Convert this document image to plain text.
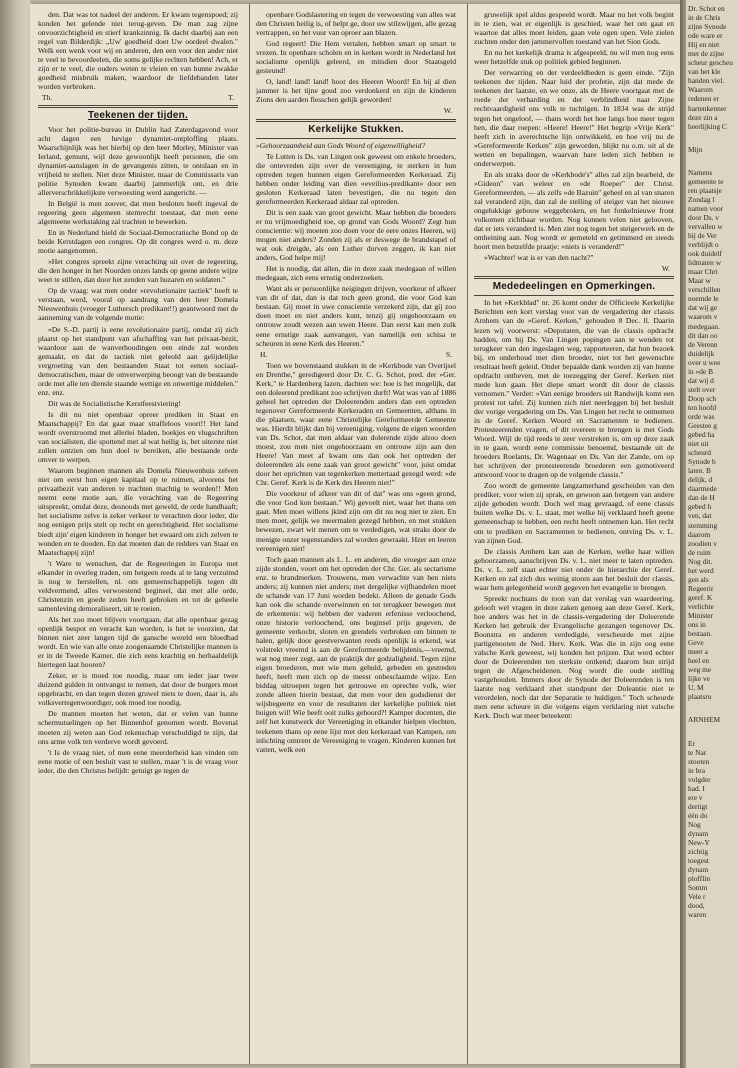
den. Dat was tot nadeel der anderen. Er kwam tegenspoed; zij konden het gelende niet terug-geven. De man zag zijne onvoorzichtigheid en stierf krankzinnig. Ik dacht daarbij aan een regel van Bilderdijk: „Uw' goedheid doet Uw oordeel dwalen." Welk een wenk voor wij en anderen, den een voor den ander niet te veel te bevoordeelen, die soms gelijke rechten hebben! Ach, er zijn er te veel, die ouders weten te vleien en van hunne zwakke goedheid misbruik maken, waardoor de liefdebanden later worden verbroken.

Th.	T.
Teekenen der tijden.

Voor het politie-bureau in Dublin had Zaterdagavond voor acht dagen een hevige dynamiet-ontploffing plaats. Waarschijnlijk was het hierbij op den heer Morley, Minister van Ierland, gemunt, wijl deze gewoonlijk heeft personen, die om dynamiet-aanslagen in de gevangenis zitten, te ontslaan en in vrijheid te stellen. Niet deze Minister, maar de Commissaris van politie Synoden kwam daarbij jammerlijk om, en drie allerverschrikkelijkste verwoesting werd aangericht. —

In België is men zoover, dat men besloten heeft ingeval de regeering geen algemeen stemrecht toestaat, dat men eene algemeene werkstaking zal trachten te bewerken.

En in Nederland hield de Sociaal-Democratische Bond op de beide Kerstdagen een congres. Op dit congres werd o. m. deze motie aangenomen.

»Het congres spreekt zijne verachting uit over de regeering, die den honger in het Noorden onzes lands op geene andere wijze weet te stillen, dan door het zenden van huzaren en soldaten."

Op de vraag: wat men onder »revolutionaire tactiek" heeft te verstaan, werd, vooral op aandrang van den heer Domela Nieuwenhuis (vroeger Luthersch predikant!!) geantwoord met de aanneming van de volgende motie:

»De S.-D. partij is eene revolutionaire partij, omdat zij zich plaatst op het standpunt van afschaffing van het privaat-bezit, waardoor aan de wanverhoudingen een einde zal worden gemaakt, en dat de tactiek niet geleold aan gelijdelijke vergroeting van den bestaanden Staat tot eenen sociaal-democratischen, maar de omverwerping beoogt van de bestaande orde met alle ten diensle staande wettige en onwettige middelen." enz. enz.

Dit was de Socialistische Kerstfeestviering!

Is dit nu niet openbaar opreer prediken in Staat en Maatschappij? En dat gaat maar straffeloos voort!! Het land wordt overstroomd met allerlei bladen, boekjes en vlugschriften van socialisten, die spottend met al wat heilig is, het uiterste niet zullen ontzien om hun doel te bereiken, alle bestaande orde omver te werpen.

Waarom beginnen mannen als Domela Nieuwenhuis zelven niet om eerst hun eigen kapitaal op te ruimen, alvorens het privaatbezit van anderen te trachten machtig te worden!! Men neemt eene motie aan, die verachting van de Regeering uitspreekt, omdat deze, desnoods met geweld, de orde handhaaft; het socialisme zelve is zeker verkeer te verachten door ieder, die nog eenigen prijs stelt op recht en gerechtigheid. Het socialisme biedt zijn' eigen kinderen in honger het ewaard om zich zelven te wonden en te dooden. En dat moeten dan de redders van Staat en Maatschappij zijn!

't Ware te wenschen, dat de Regeeringen in Europa met elkander in overleg traden, om hetgeen reeds al te lang verzuimd is nog te herstellen, nl. om gemeenschappelijk tegen dit veldvermend, alles verwoestend beginsel, dat met alle orde, Christenzin en goede zeden heeft gebroken en tot de geheele samenleving demoraliseert, uit te roeien.

Als het zoo moet blijven voortgaan, dat alle openbaar gezag openlijk bespot en veracht kan worden, is het te voorzien, dat binnen niet zeer langen tijd de gansche wereld een bloedbad wordt. En wie van alle onze zoogenaamde Christelijke mannen is er in de Tweede Kamer, die zich eens krachtig en herhaaldelijk hiertegen laat hooren?

Zeker, er is moed toe noodig, maar om ieder jaar twee duizend gulden in ontvangst te nemen, dat door de burgers moet opgebracht, en dan tegen dezen gruwel niets te doen, daar is, als volksvertegenwoordiger, ook moed toe noodig.

De mannen moeten het weten, dat er velen van hunne schermutselingen op het Binnenhof genomen wordt. Bovenal moeten zij weten aan God rekenschap verschuldigd te zijn, dat ons arme volk ten verderve wordt gevoerd.

't Is de vraag niet, of men eene meerderheid kan vinden om eene motie of een besluit vast te stellen, maar 't is de vraag voor ieder, die den Christus belijdt: getuigt ge tegen de

openbare Godslastering en tegen de verwoesting van alles wat den Christen heilig is, of helpt ge, door uw stilzwijgen, alle gezag vertrappen, en het vuur van oproer aan blazen.

God regeert! Die Hem vertalen, hebben smart op smart te vrezen. In openbare scholen en in kerken wordt in Nederland het socialisme openlijk geleerd, en mitsdien door Staatsgeld gesteund!

O, land! land! land! hoor des Heeren Woord! En bij al dien jammer is het tijne goud zoo verdonkerd en zijn de kinderen Zions den aarden flesschen gelijk geworden!

W.
Kerkelijke Stukken.

»Gehoorzaamheid aan Gods Woord of eigenwilligheid?

Te Lutten is Ds. van Lingen ook geweest om enkele broeders, die ontevreden zijn over de vereeniging, te sterken in hun optreden tegen hunnen eigen Gereformeerden Kerkeraad. Zij hebben onder leiding van dien »eveilius-predikant« door een gesloten Kerkeraad laten bevestigen, die nu tegen den gereformeerden Kerkeraad aldaar zal optreden.

Dit is een zaak van groot gewicht. Maar hebben die broeders er nu vrijmoedigheid toe, op grond van Gods Woord? Zegt hun conscientie: wij moeten zoo doen voor de eere onzes Heeren, wij mogen niet anders? Zonden zij als er deswege de brandstapel of wat ook dreigde, als een Luther durven zeggen, ik kan niet anders, God helpe mij!

Het is noodig, dat allen, die in deze zaak medegaan of willen medegaan, zich eens ernstig onderzoeken.

Want als er persoonlijke neigingen drijven, voorkeur of afkeer van dit of dat, dan is dat toch geen grond, die voor God kan bestaan. Gij moet in uwe conscientie verzekerd zijn, dat gij zoo doen moet en niet anders kunt, tenzij gij ongehoorzaam en ontrouw zoudt wezen aan uwen Heere. Dan eerst kan men zulk eene ernstige zaak aanvangen, van namelijk een schisa te scheuren in eene Kerk des Heeren."

H.	S.

Toen we bovenstaand stukken in de »Kerkbode van Overijsel en Drenthe," geredigeerd door Dr. C. G. Schot, pred. der »Ger. Kerk," te Hardenberg lazen, dachten we: hoe is het mogelijk, dat een doleerend predikant zoo schrijven durft! Wat was van af 1886 geheel het optreden der Doleerenden anders dan een optreden tegenover Gereformeerde Kerkeraden en Gemeenten, althans in die plaatsen, waar eene Christelijke Gereformeerde Gemeente was. Hierdit blijkt dan bij vereeniging, volgens de eigen woorden van Ds. Schot, dat men aldaar van dolerende zijde alzoo doen moest, zou men niet ongehoorzaam en ontrouw zijn aan den Heere! Van meet af kwam ons dan ook het optreden der doleerenden als eene zaak van groot gewicht" voor, juist omdat door het oprichten van tegenkerken mettertaad gezegd werd: »de Chr. Geref. Kerk is de Kerk des Heeren niet!"

Die voorkeur of afkeer van dit of dat" was ons »geen grond, die voor God kon bestaan." Wij gevoelt niet, waar het thans om gaat. Men moet willens jkind zijn om dit nu nog niet te zien. En men moet, gelijk we meermalen gezegd hebben, en met stukken bewezen, zwart wit menen om te verdedigen, wat straks door de menigte onzer tegenstanders zal worden gewraakt. Hzer en leeren vereenigen niet!

Toch gaan mannen als L. L. en anderen, die vroeger aan onze zijde stonden, voort om het optreden der Chr. Ger. als sectarisme enz. te brandmerken. Trouwens, men verwachte van hen niets anders; zij kunnen niet anders; met dergelijke vijfhandelen moet de schande van 17 Juni worden bedekt. Alleen de genade Gods kan ook die schande overwinnen en tot terugkeer bewegen met de erkentenis: wij hebben der vaderen erfenisse verloochend, onze historie verloochend, ons beginsel prijs gegeven, de gemeente verkocht, sloten en grendels verbroken om binnen te halen, gelijk door geestverwanten reeds openlijk is erkend, wat volstrekt vreemd is aan de Gereformeerde belijdenis,—vreemd, wat nog meer zegt, aan de praktijk der godzaligheid. Tegen zijne eigen broederen, met wie men gehuld, gebeden en gestreden heeft, heeft men zich op de meest onbesclaamde wijze. Een biddag uitroepen tegen het getrouwe en oprechte volk, wier zonde alleen hierin bestaat, dat men voor den godsdienst der wijsbegeerte en voor de resultaten der kerkelijke politiek niet buigen wil! Wie heeft ooit zulks gehoord?! Kamper docenten, die zelf het kunstwerk der Vereeniging in elkander hielpen vlechten, teekenen thans op eene lijst met den kerkeraad van Kampen, om inlichting omtrent de Vereeniging te vragen. Kinderen kunnen het vatten, welk een

gruwelijk spel aldus gespeeld wordt. Maar nu het volk begint in te zien, wat er eigenlijk is geschied, waar het om gaat en waartoe dat alles moet leiden, gaan vele ogen open. Vele zielen zuchten onder den jammervollen toestand van het Sion Gods.

En nu het kerkelijk drama is afgespeeld, nu wil men nog eens weer hetzelfde stuk op politiek gebied beginnen.

Der verwarring en der verdeeldheden is geen einde. "Zijn teekenen der tijden. Naar luid der profetie, zijn dat mede de teekenen der laatste, en we onze, als de Heere voortgaat met de roede der verharding en der verblindheid naar Zijne rechtvaardigheid ons volk te tuchtigen. In 1834 was de strijd tegen het ongeloof, — thans wordt het hoe langs hoe meer tegen hen, die daar roepen: »Heere! Heere!" Het begrip »Vrije Kerk" heeft zich in averechtsche lijn ontwikkeld, en hoe vrij nu de »Gereformeerde Kerken" zijn geworden, blijkt nu o.m. uit al de wetten en bepalingen, waarvan hare leden zich hebben te onderwerpen.

En als straks door de »Kerkbode's" alles zal zijn bearbeid, de »Gideon" van weleer en »de Roeper" der Christ. Gereformeerden, — als zelfs »de Bazuin" geheel en al van snaren zal veranderd zijn, dan zal de stelling of steiger van het nieuwe ongelukkige gebouw weggebroken, en het fonkelnieuwe front volkomen zichtbaar worden. Nog kunnen velen niet gelooven, dat er iets veranderd is. Men ziet nog tegen het steigerwerk en de omheining aan. Nog wordt er gemeteld en getimmerd en steeds hoort men hetzelfde praatje: »niets is veranderd!"

»Wachter! wat is er van den nacht?"

W.
Mededeelingen en Opmerkingen.

In het »Kerkblad" nr. 26 komt onder de Officieele Kerkelijke Berichten een kort verslag voor van de vergadering der classis Arnhem van de »Geref. Kerken," gehouden 8 Dec. ll. Daarin lezen wij voorwerst: »Deputaten, die van de classis opdracht hadden, om bij Ds. Van Lingen popingen aan te wenden tot terugkeer van den ingeslagen weg, rapporteeren, dat hun bezoek bij, en onderhoud met dien broeder, niet tot het gewenschte resultaat heeft geleid. Onder bepaalde dank worden zij van hunne opdracht ontheven, met de toezegging der Geref. Kerken niet mede kon gaan. Het diepe smart wordt dit door de classis vernomen." Verder: »Van eenige broeders uit Randwijk komt een protest tot tafel. Zij kunnen zich niet neerleggen bij het besluit der vorige vergadering om Ds. Van Lingen het recht te ontnemen in de Geref. Kerken Woord en Sacramenten te bedienen. Protesteerenden vragen, of dit overeen te brengen is met Gods Woord. Wijl de tijd reeds te zeer verstreken is, om op deze zaak in te gaan, wordt eene commissie benoemd, bestaande uit de broeders Roelants, Dr. Wagenaar en Ds. Van der Zande, om op het schrijven der protesteerende broederen een gemotiveerd antwoord voor te dragen op de volgende classis."

Zoo wordt de gemeente langzamerhand gescheiden van den prediker, voor wien zij sprak, en gewoon aan hetgeen van andere zijde geboden wordt. Doch wel mag gevraagd, of eene classis buiten welke Ds. v. L. staat, met welke hij verklaard heeft geene gemeenschap te hebben, een recht heeft ontnemen kan. Het recht om te prediken en Sacramenten te bedienen, ontving Ds. v. L. van zijnen God.

De classis Arnhem kan aan de Kerken, welke haar willen gehoorzamen, aanschrijven Ds. v. L. niet meer te laten optreden. Ds. v. L. zelf staat echter niet onder de hierarchie der Geref. Kerken en zal zich dus weinig storen aan het besluit der classis, waar hem gelegenheid wordt gegeven het evangelie te brengen.

Spreekt nochtans de toon van dat verslag van waardeering, gelooft wel vragen in deze zaken genoeg aan deze Geref. Kerk, hoe anders was het in de classis-vergadering der Doleerende Kerken het gebruik der Evangelische gezangen tegenover Ds. Boonstra en anderen verdedigde, verscheurde met zijne partigenooten de Ned. Herv. Kerk. Was die in zijn oog eene valsche Kerk geweest, wij konden het prijzen. Dat werd echter door de Doleerenden ten sterkste ontkend; daarom hun strijd tegen de Afgescheidenen. Nog wordt die oude stelling vastgehouden. Immers door de Synode der Doleerenden is ten laatste nog verklaard zhet standpunt der Doleantie niet te verordelen, noch dat der Separatie te huldigen." Toch scheurde men eene scheure in die volgens eigen verklaring niet valsche Kerk. Doch wat meer beteekent:

Dr. Schot en
in de Chris
zijne Synode
ode ware er
Hij en niet
met de zijne
scheur gescheu
van het kle
handen viel.
Waarom
redenen er
hartenkenner
deze zin a
heerlijking C
Mijn
Namens
gemeente te
ren plaatsje
Zondag l
namen voor
door Ds. v
vervallen w
hij de Ver
verblijdt o
ook duidelf
lidmaten w
maar Chri
Maar w
verschillen
noemde le
dat wij ge
waarom v
medegaan.
dit dan oo
de Verenn
duidelijk
over u wee
in »de B
dat wij d
stelt over
Doop sch
ten hoofd
orde was
Geestee g
gebed ha
niet uit
scheurd
Synode b
laten. B
delijk, d
daarmede
dan de H
gebed h
ven, dat
stemming
daarom
zoodien v
de ruim
Nog dit.
het werd
gen als
Regeerir
geref. K
verlichte
Minister
ons in
bestaan.
Geve
meer a
heel en
weg me
lijke ve
U, M
plaatsru
ARNHEM
Er
te Nar
stooten
in bra
volgder
had. I
ere v
dertigt
één do
Nog
dynam
New-Y
zichtig
toegest
dynam
plofflin
Somm
Vele r
dood,
waren
